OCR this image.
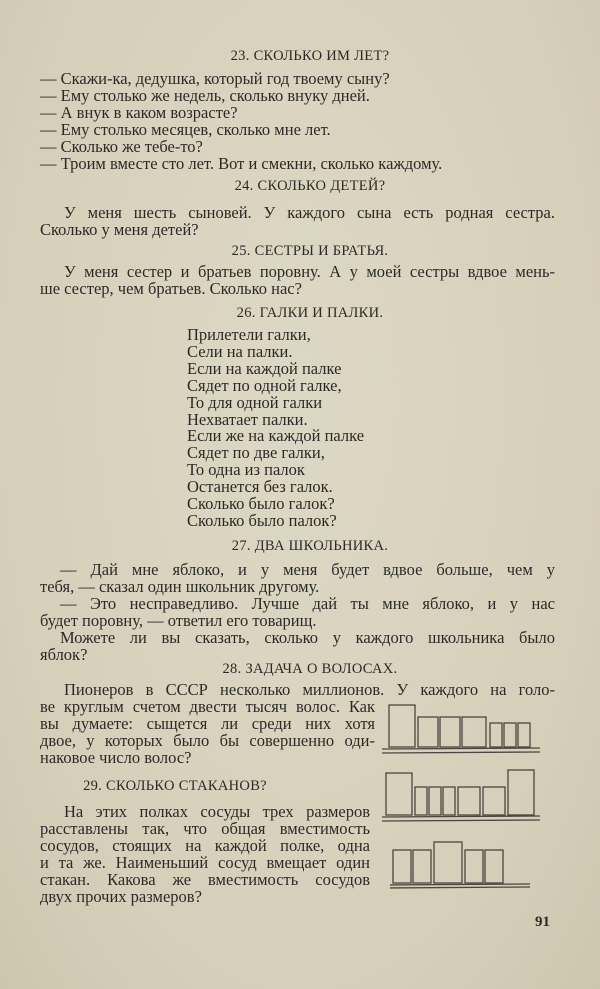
23. СКОЛЬКО ИМ ЛЕТ?
— Скажи-ка, дедушка, который год твоему сыну?
— Ему столько же недель, сколько внуку дней.
— А внук в каком возрасте?
— Ему столько месяцев, сколько мне лет.
— Сколько же тебе-то?
— Троим вместе сто лет. Вот и смекни, сколько каждому.
24. СКОЛЬКО ДЕТЕЙ?
У меня шесть сыновей. У каждого сына есть родная сестра.
Сколько у меня детей?
25. СЕСТРЫ И БРАТЬЯ.
У меня сестер и братьев поровну. А у моей сестры вдвое мень-
ше сестер, чем братьев. Сколько нас?
26. ГАЛКИ И ПАЛКИ.
Прилетели галки,
Сели на палки.
Если на каждой палке
Сядет по одной галке,
То для одной галки
Нехватает палки.
Если же на каждой палке
Сядет по две галки,
То одна из палок
Останется без галок.
Сколько было галок?
Сколько было палок?
27. ДВА ШКОЛЬНИКА.
— Дай мне яблоко, и у меня будет вдвое больше, чем у
тебя, — сказал один школьник другому.
— Это несправедливо. Лучше дай ты мне яблоко, и у нас
будет поровну, — ответил его товарищ.
Можете ли вы сказать, сколько у каждого школьника было
яблок?
28. ЗАДАЧА О ВОЛОСАХ.
Пионеров в СССР несколько миллионов. У каждого на голо-
ве круглым счетом двести тысяч волос. Как
вы думаете: сыщется ли среди них хотя
двое, у которых было бы совершенно оди-
наковое число волос?
29. СКОЛЬКО СТАКАНОВ?
На этих полках сосуды трех размеров
расставлены так, что общая вместимость
сосудов, стоящих на каждой полке, одна
и та же. Наименьший сосуд вмещает один
стакан. Какова же вместимость сосудов
двух прочих размеров?
91
